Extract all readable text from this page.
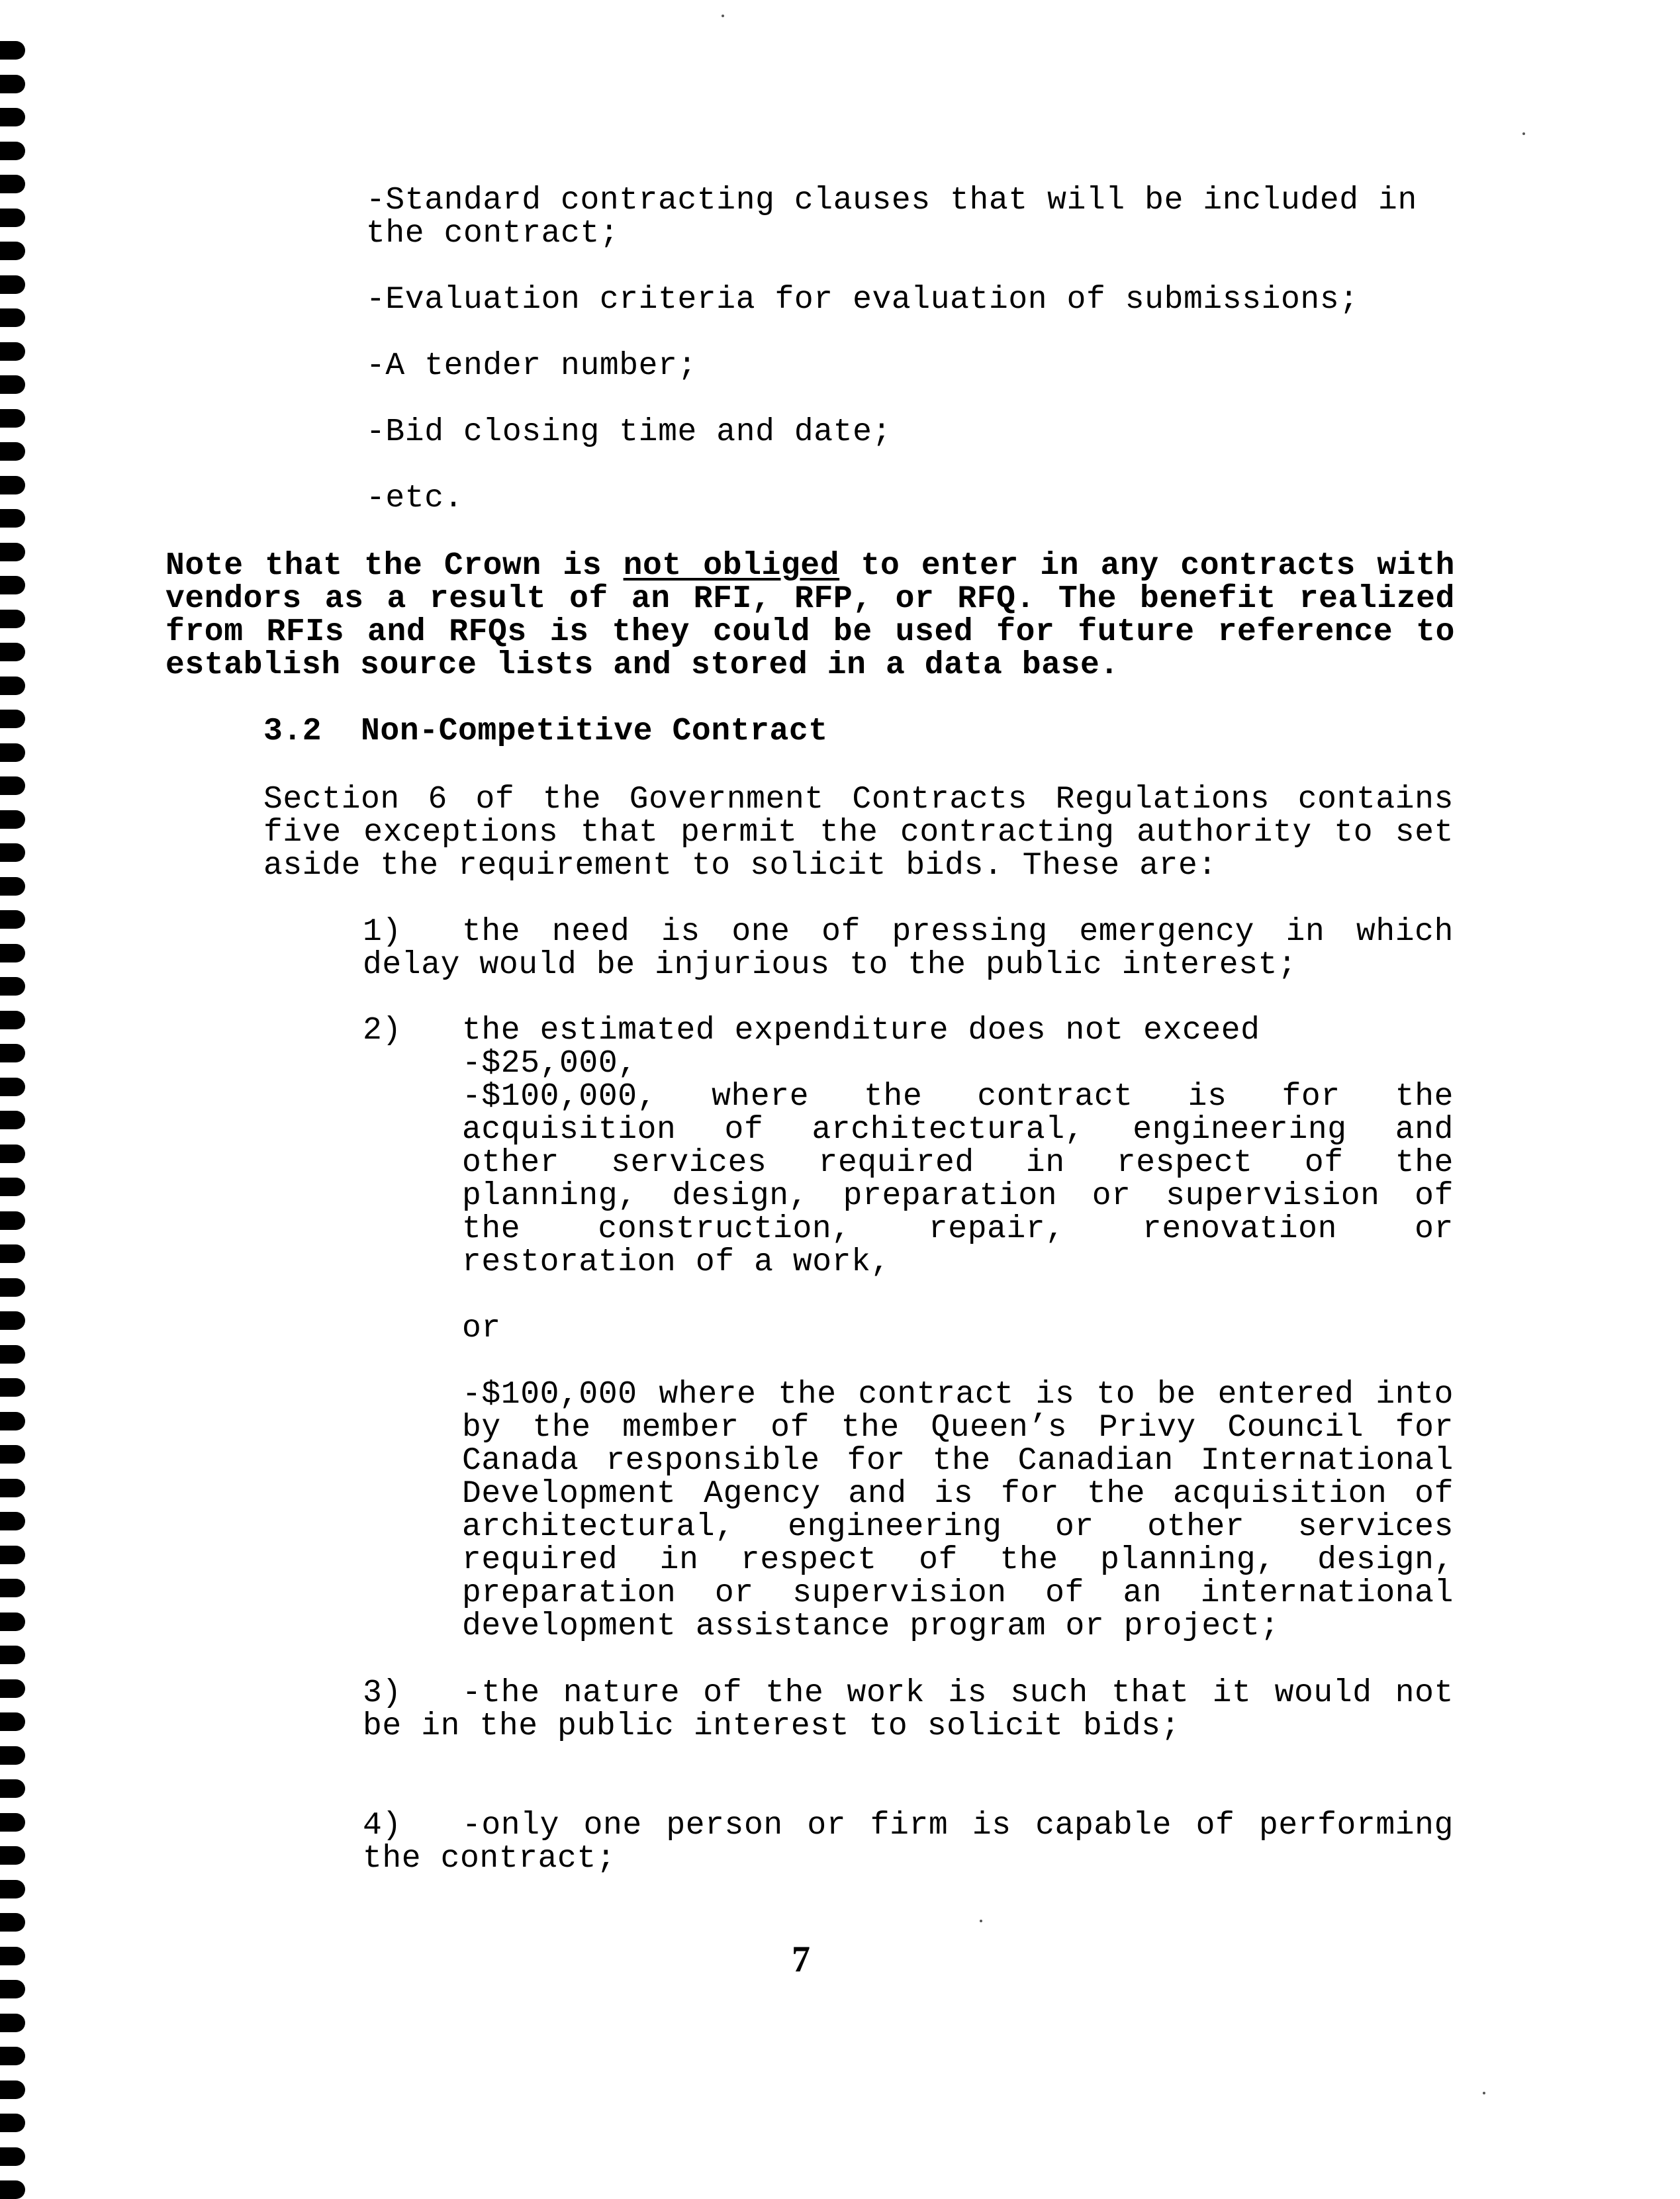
-Standard contracting clauses that will be included in
the contract;

-Evaluation criteria for evaluation of submissions;

-A tender number;

-Bid closing time and date;

-etc.

Note that the Crown is not obliged to enter in any contracts with vendors as a result of an RFI, RFP, or RFQ. The benefit realized from RFIs and RFQs is they could be used for future reference to establish source lists and stored in a data base.

3.2 Non-Competitive Contract

Section 6 of the Government Contracts Regulations contains five exceptions that permit the contracting authority to set aside the requirement to solicit bids. These are:

1)	the need is one of pressing emergency in which delay would be injurious to the public interest;

2) the estimated expenditure does not exceed

-$25,000,

-$100,000, where the contract is for the acquisition of architectural, engineering and other services required in respect of the planning, design, preparation or supervision of the construction, repair, renovation or restoration of a work,

or

-$100,000 where the contract is to be entered into by the member of the Queen’s Privy Council for Canada responsible for the Canadian International Development Agency and is for the acquisition of architectural, engineering or other services required in respect of the planning, design, preparation or supervision of an international development assistance program or project;

3)	-the nature of the work is such that it would not be in the public interest to solicit bids;

4)	-only one person or firm is capable of performing the contract;

7
